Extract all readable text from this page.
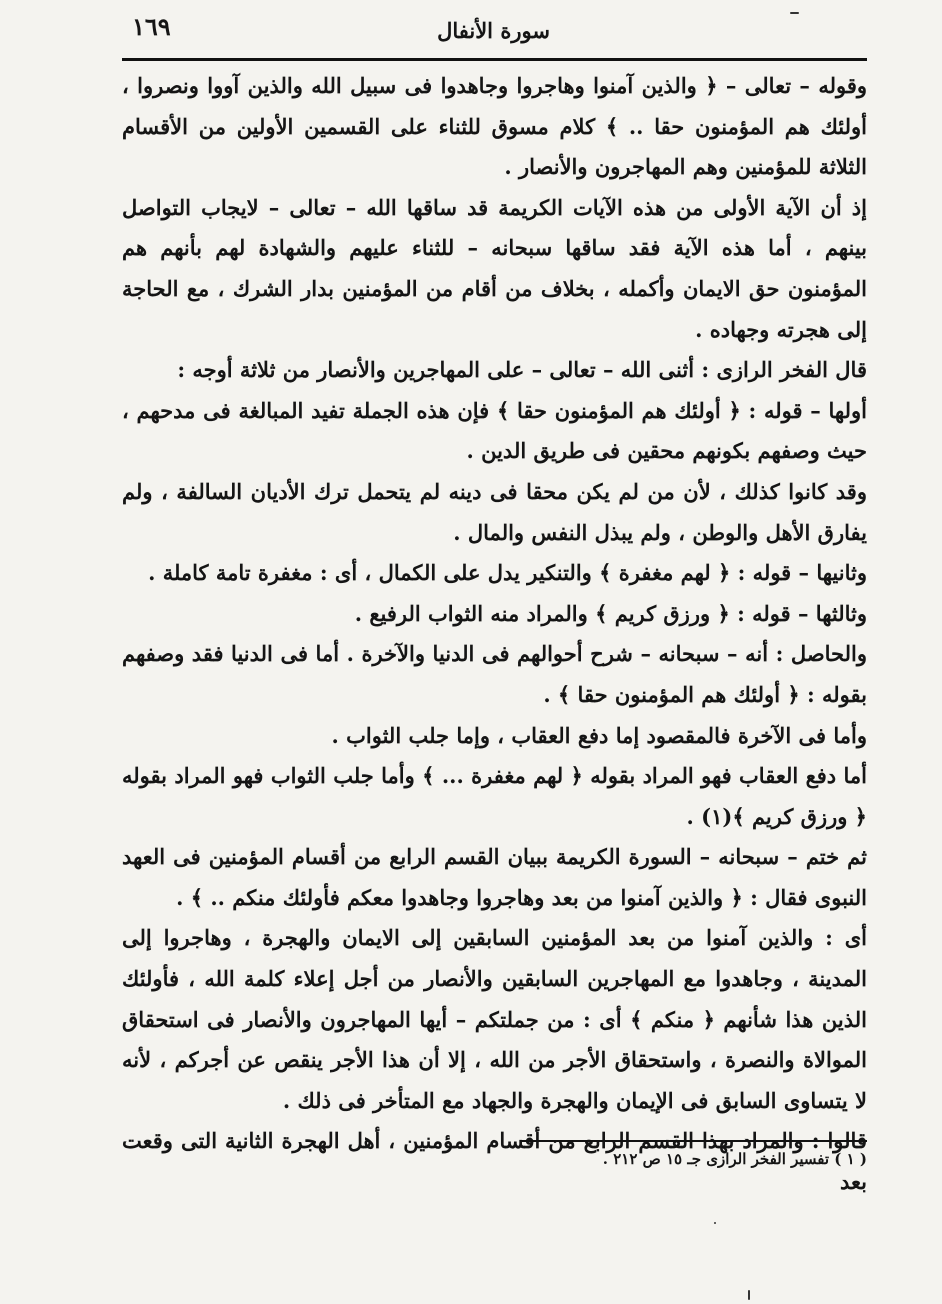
١٦٩	سورة الأنفال

وقوله – تعالى – ﴿ والذين آمنوا وهاجروا وجاهدوا فى سبيل الله والذين آووا ونصروا ، أولئك هم المؤمنون حقا .. ﴾ كلام مسوق للثناء على القسمين الأولين من الأقسام الثلاثة للمؤمنين وهم المهاجرون والأنصار .

إذ أن الآية الأولى من هذه الآيات الكريمة قد ساقها الله – تعالى – لايجاب التواصل بينهم ، أما هذه الآية فقد ساقها سبحانه – للثناء عليهم والشهادة لهم بأنهم هم المؤمنون حق الايمان وأكمله ، بخلاف من أقام من المؤمنين بدار الشرك ، مع الحاجة إلى هجرته وجهاده .

قال الفخر الرازى : أثنى الله – تعالى – على المهاجرين والأنصار من ثلاثة أوجه :

أولها – قوله : ﴿ أولئك هم المؤمنون حقا ﴾ فإن هذه الجملة تفيد المبالغة فى مدحهم ، حيث وصفهم بكونهم محقين فى طريق الدين .

وقد كانوا كذلك ، لأن من لم يكن محقا فى دينه لم يتحمل ترك الأديان السالفة ، ولم يفارق الأهل والوطن ، ولم يبذل النفس والمال .

وثانيها – قوله : ﴿ لهم مغفرة ﴾ والتنكير يدل على الكمال ، أى : مغفرة تامة كاملة .

وثالثها – قوله : ﴿ ورزق كريم ﴾ والمراد منه الثواب الرفيع .

والحاصل : أنه – سبحانه – شرح أحوالهم فى الدنيا والآخرة . أما فى الدنيا فقد وصفهم بقوله : ﴿ أولئك هم المؤمنون حقا ﴾ .

وأما فى الآخرة فالمقصود إما دفع العقاب ، وإما جلب الثواب .

أما دفع العقاب فهو المراد بقوله ﴿ لهم مغفرة ... ﴾ وأما جلب الثواب فهو المراد بقوله ﴿ ورزق كريم ﴾(١) .

ثم ختم – سبحانه – السورة الكريمة ببيان القسم الرابع من أقسام المؤمنين فى العهد النبوى فقال : ﴿ والذين آمنوا من بعد وهاجروا وجاهدوا معكم فأولئك منكم .. ﴾ .

أى : والذين آمنوا من بعد المؤمنين السابقين إلى الايمان والهجرة ، وهاجروا إلى المدينة ، وجاهدوا مع المهاجرين السابقين والأنصار من أجل إعلاء كلمة الله ، فأولئك الذين هذا شأنهم ﴿ منكم ﴾ أى : من جملتكم – أيها المهاجرون والأنصار فى استحقاق الموالاة والنصرة ، واستحقاق الأجر من الله ، إلا أن هذا الأجر ينقص عن أجركم ، لأنه لا يتساوى السابق فى الإيمان والهجرة والجهاد مع المتأخر فى ذلك .

قالوا : والمراد بهذا القسم الرابع من أقسام المؤمنين ، أهل الهجرة الثانية التى وقعت بعد

( ١ ) تفسير الفخر الرازى جـ ١٥ ص ٢١٢ .
